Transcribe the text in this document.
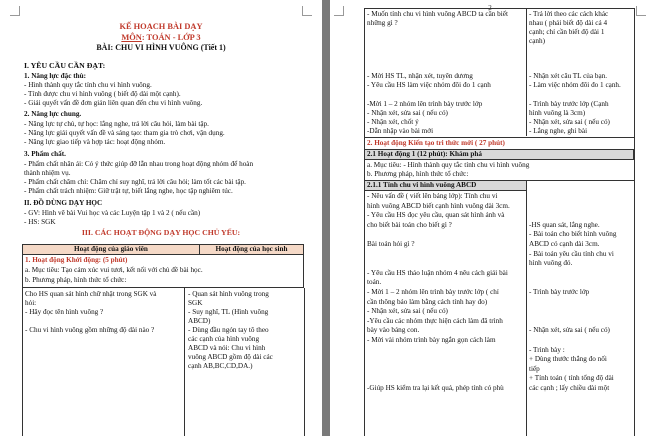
KẾ HOẠCH BÀI DẠY
MÔN: TOÁN - LỚP 3
BÀI: CHU VI HÌNH VUÔNG (Tiết 1)
I. YÊU CẦU CẦN ĐẠT:
1. Năng lực đặc thù:
- Hình thành quy tắc tính chu vi hình vuông.
- Tính được chu vi hình vuông ( biết độ dài một cạnh).
- Giải quyết vấn đề đơn giản liên quan đến chu vi hình vuông.
2. Năng lực chung.
- Năng lực tự chủ, tự học: lắng nghe, trả lời câu hỏi, làm bài tập.
- Năng lực giải quyết vấn đề và sáng tạo: tham gia trò chơi, vận dụng.
- Năng lực giao tiếp và hợp tác: hoạt động nhóm.
3. Phẩm chất.
- Phẩm chất nhân ái: Có ý thức giúp đỡ lẫn nhau trong hoạt động nhóm để hoàn
thành nhiệm vụ.
- Phẩm chất chăm chỉ: Chăm chỉ suy nghĩ, trả lời câu hỏi; làm tốt các bài tập.
- Phẩm chất trách nhiệm: Giữ trật tự, biết lắng nghe, học tập nghiêm túc.
II. ĐỒ DÙNG DẠY HỌC
- GV: Hình vẽ bài Vui học và các Luyện tập 1 và 2 ( nếu cần)
- HS: SGK
III. CÁC HOẠT ĐỘNG DẠY HỌC CHỦ YẾU:
Hoạt động của giáo viên	Hoạt động của học sinh
1. Hoạt động Khởi động: (5 phút)
a. Mục tiêu: Tạo cảm xúc vui tươi, kết nối với chủ đề bài học.
b. Phương pháp, hình thức tổ chức:
Cho HS quan sát hình chữ nhật trong SGK và
hỏi:
- Hãy đọc tên hình vuông ?
- Chu vi hình vuông gồm những độ dài nào ?
- Quan sát hình vuông trong
SGK
- Suy nghĩ, TL (Hình vuông
ABCD)
- Dùng đầu ngón tay tô theo
các cạnh của hình vuông
ABCD và nói: Chu vi hình
vuông ABCD gồm độ dài các
cạnh AB,BC,CD,DA.)
2
- Muốn tính chu vi hình vuông ABCD ta cần biết
những gì ?
- Mời HS TL, nhận xét, tuyên dương
- Yêu cầu HS làm việc nhóm đôi đo 1 cạnh
-Mời 1 – 2 nhóm lên trình bày trước lớp
- Nhận xét, sửa sai ( nếu có)
- Nhận xét, chốt ý
-Dẫn nhập vào bài mới
- Trả lời theo các cách khác
nhau ( phải biết độ dài cả 4
cạnh; chỉ cần biết độ dài 1
cạnh)
- Nhận xét câu TL của bạn.
- Làm việc nhóm đôi đo 1 cạnh.
- Trình bày trước lớp (Cạnh
hình vuông là 3cm)
- Nhận xét, sửa sai ( nếu có)
- Lắng nghe, ghi bài
2. Hoạt động Kiến tạo tri thức mới ( 27 phút)
2.1 Hoạt động 1 (12 phút): Khám phá
a. Mục tiêu: - Hình thành quy tắc tính chu vi hình vuông
b. Phương pháp, hình thức tổ chức:
2.1.1 Tính chu vi hình vuông ABCD
- Nêu vấn đề ( viết lên bảng lớp): Tính chu vi
hình vuông ABCD biết cạnh hình vuông dài 3cm.
- Yêu cầu HS đọc yêu cầu, quan sát hình ảnh và
cho biết bài toán cho biết gì ?
Bài toán hỏi gì ?
- Yêu cầu HS thảo luận nhóm 4 nêu cách giải bài
toán.
- Mời 1 – 2 nhóm lên trình bày trước lớp ( chỉ
cần thông báo làm bằng cách tính hay đo)
- Nhận xét, sửa sai ( nếu có)
-Yêu cầu các nhóm thực hiện cách làm đã trình
bày vào bảng con.
- Mời vài nhóm trình bày ngắn gọn cách làm
-Giúp HS kiểm tra lại kết quả, phép tính có phù
-HS quan sát, lắng nghe.
- Bài toán cho biết hình vuông
ABCD có cạnh dài 3cm.
- Bài toán yêu cầu tính chu vi
hình vuông đó.
- Trình bày trước lớp
- Nhận xét, sửa sai ( nếu có)
- Trình bày :
+ Dùng thước thẳng đo nối
tiếp
+ Tính toán ( tính tổng độ dài
các cạnh ; lấy chiều dài một
